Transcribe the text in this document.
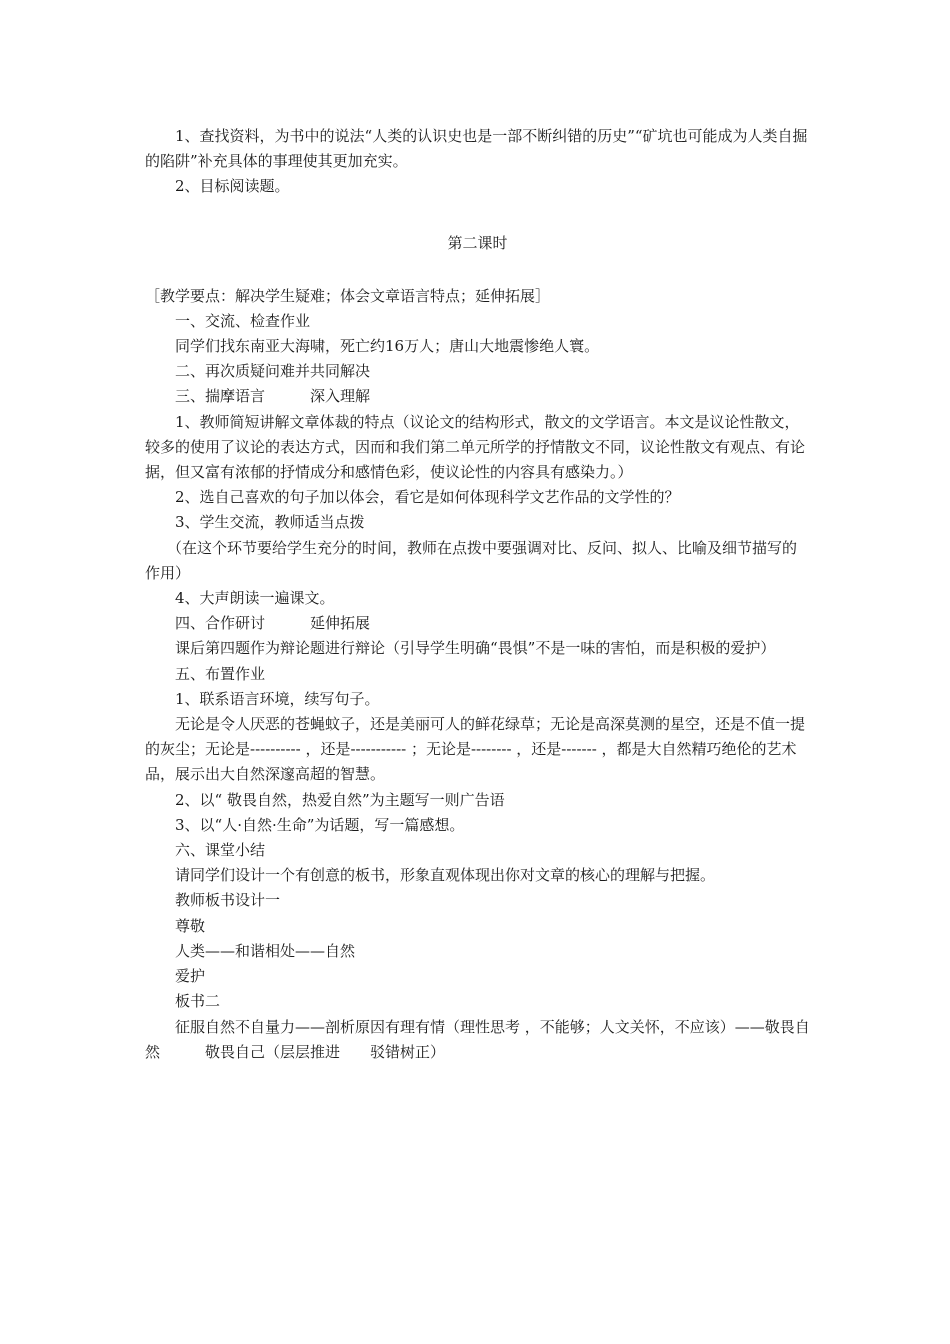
1、查找资料，为书中的说法“人类的认识史也是一部不断纠错的历史”“矿坑也可能成为人类自掘的陷阱”补充具体的事理使其更加充实。

2、目标阅读题。

第二课时

［教学要点：解决学生疑难；体会文章语言特点；延伸拓展］

一、交流、检查作业

同学们找东南亚大海啸，死亡约16万人；唐山大地震惨绝人寰。

二、再次质疑问难并共同解决

三、揣摩语言　　　深入理解

1、教师简短讲解文章体裁的特点（议论文的结构形式，散文的文学语言。本文是议论性散文，较多的使用了议论的表达方式，因而和我们第二单元所学的抒情散文不同，议论性散文有观点、有论据，但又富有浓郁的抒情成分和感情色彩，使议论性的内容具有感染力。）

2、选自己喜欢的句子加以体会，看它是如何体现科学文艺作品的文学性的？

3、学生交流，教师适当点拨

（在这个环节要给学生充分的时间，教师在点拨中要强调对比、反问、拟人、比喻及细节描写的作用）

4、大声朗读一遍课文。

四、合作研讨　　　延伸拓展

课后第四题作为辩论题进行辩论（引导学生明确“畏惧”不是一味的害怕，而是积极的爱护）

五、布置作业

1、联系语言环境，续写句子。

无论是令人厌恶的苍蝇蚊子，还是美丽可人的鲜花绿草；无论是高深莫测的星空，还是不值一提的灰尘；无论是---------- ，还是----------- ；无论是-------- ，还是------- ，都是大自然精巧绝伦的艺术品，展示出大自然深邃高超的智慧。

2、以“ 敬畏自然，热爱自然”为主题写一则广告语

3、以“人·自然·生命”为话题，写一篇感想。

六、课堂小结

请同学们设计一个有创意的板书，形象直观体现出你对文章的核心的理解与把握。

教师板书设计一

尊敬

人类——和谐相处——自然

爱护

板书二

征服自然不自量力——剖析原因有理有情（理性思考 ，不能够；人文关怀，不应该）——敬畏自然　　　敬畏自己（层层推进　　驳错树正）
